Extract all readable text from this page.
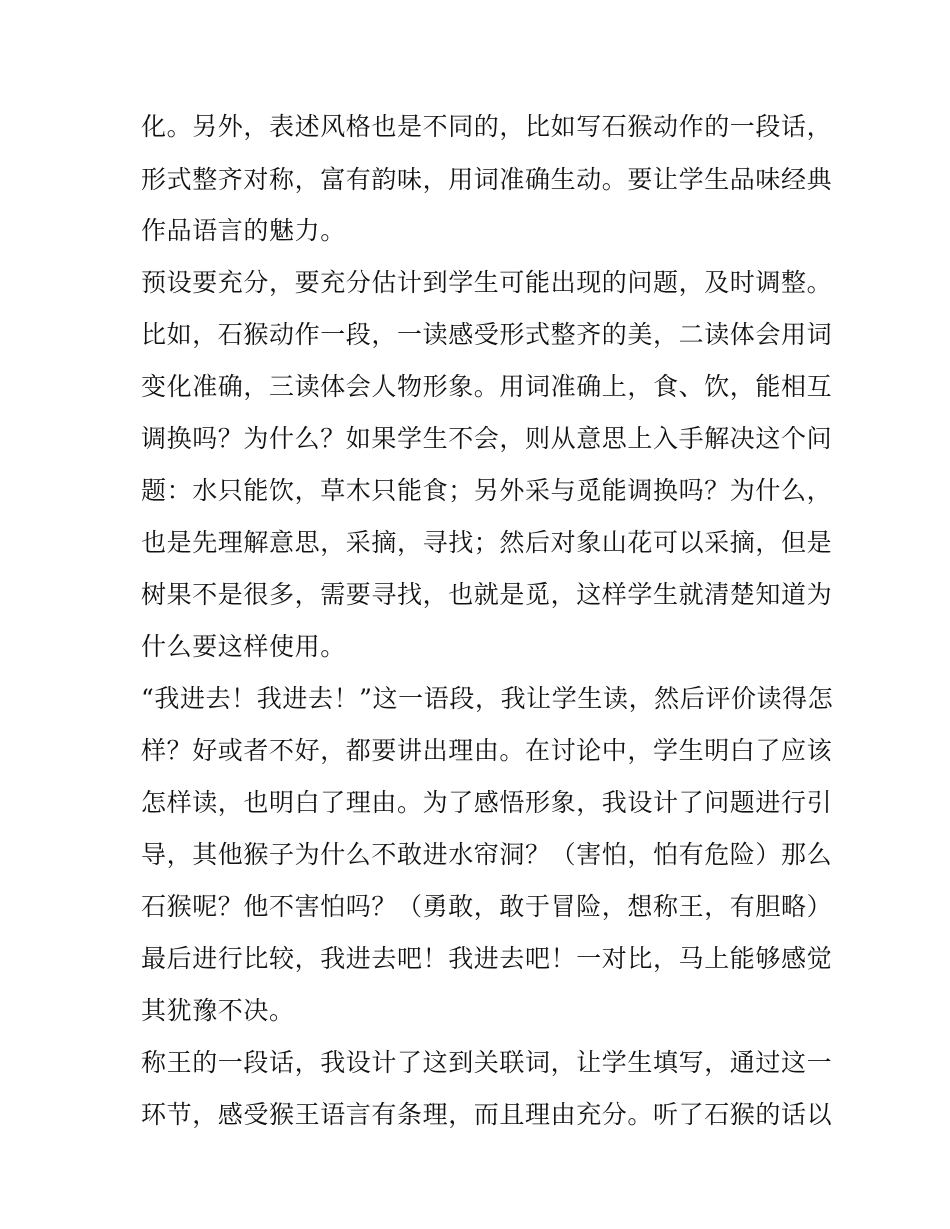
化。另外，表述风格也是不同的，比如写石猴动作的一段话，
形式整齐对称，富有韵味，用词准确生动。要让学生品味经典
作品语言的魅力。
预设要充分，要充分估计到学生可能出现的问题，及时调整。
比如，石猴动作一段，一读感受形式整齐的美，二读体会用词
变化准确，三读体会人物形象。用词准确上，食、饮，能相互
调换吗？为什么？如果学生不会，则从意思上入手解决这个问
题：水只能饮，草木只能食；另外采与觅能调换吗？为什么，
也是先理解意思，采摘，寻找；然后对象山花可以采摘，但是
树果不是很多，需要寻找，也就是觅，这样学生就清楚知道为
什么要这样使用。
“我进去！我进去！”这一语段，我让学生读，然后评价读得怎
样？好或者不好，都要讲出理由。在讨论中，学生明白了应该
怎样读，也明白了理由。为了感悟形象，我设计了问题进行引
导，其他猴子为什么不敢进水帘洞？（害怕，怕有危险）那么
石猴呢？他不害怕吗？（勇敢，敢于冒险，想称王，有胆略）
最后进行比较，我进去吧！我进去吧！一对比，马上能够感觉
其犹豫不决。
称王的一段话，我设计了这到关联词，让学生填写，通过这一
环节，感受猴王语言有条理，而且理由充分。听了石猴的话以
